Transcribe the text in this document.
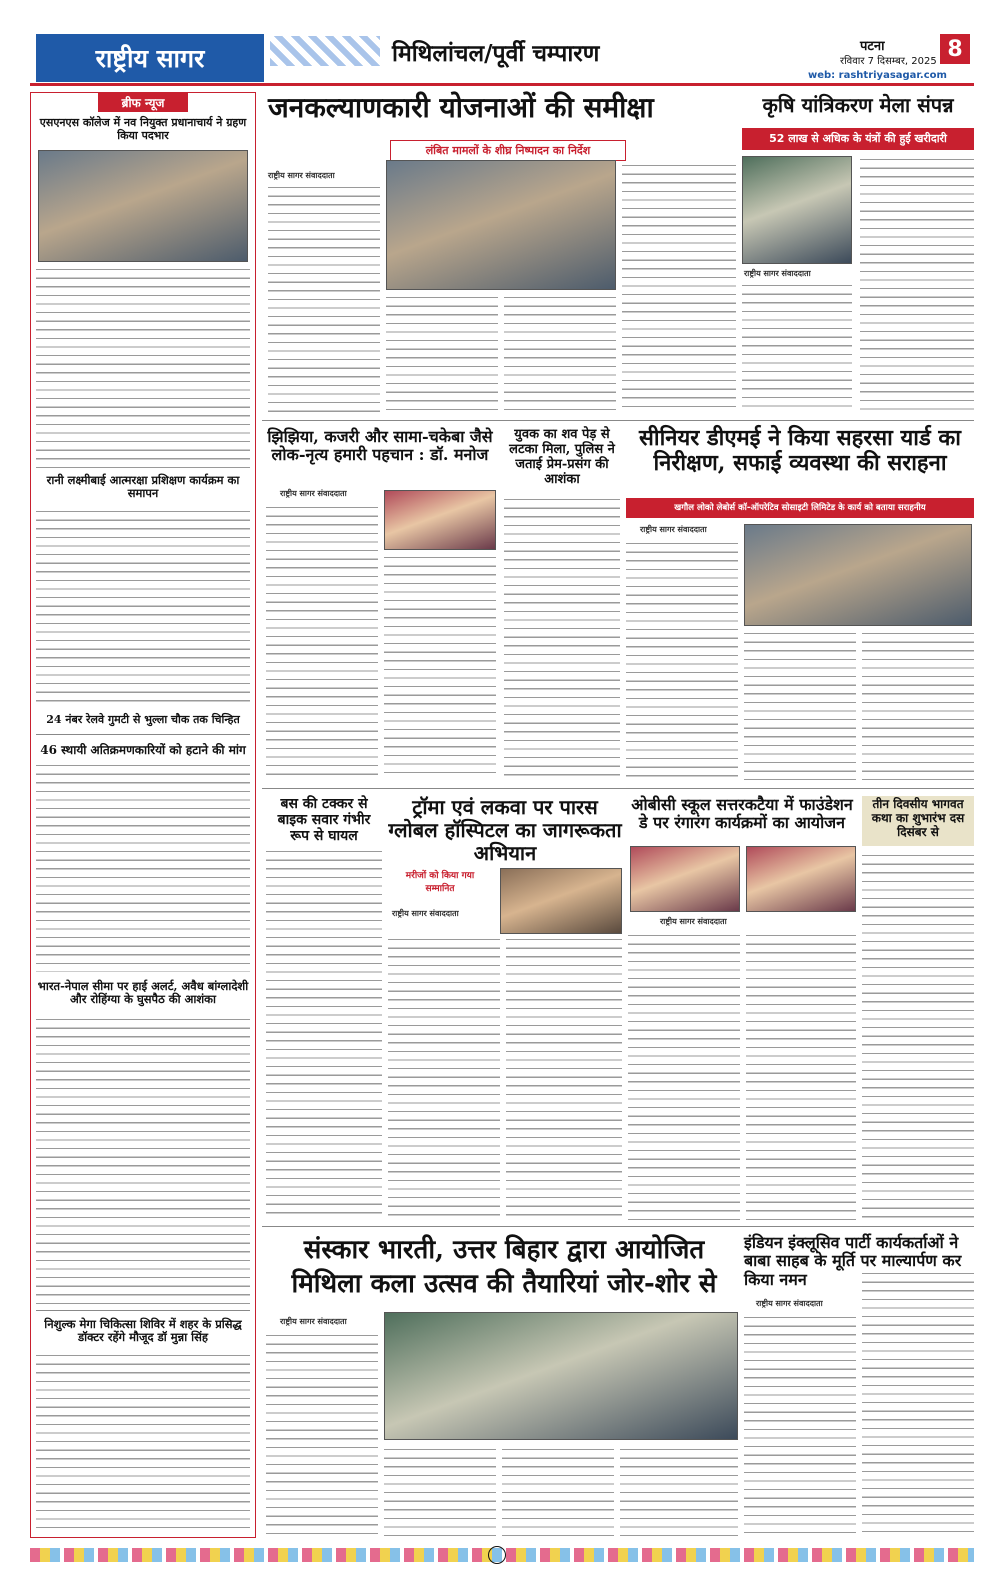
राष्ट्रीय सागर	मिथिलांचल/पूर्वी चम्पारण	पटना
रविवार 7 दिसम्बर, 2025
web: rashtriyasagar.com
8
ब्रीफ न्यूज
एसएनएस कॉलेज में नव नियुक्त प्रधानाचार्य ने ग्रहण किया पदभार
रानी लक्ष्मीबाई आत्मरक्षा प्रशिक्षण कार्यक्रम का समापन
24 नंबर रेलवे गुमटी से भुल्ला चौक तक चिन्हित
46 स्थायी अतिक्रमणकारियों को हटाने की मांग
भारत-नेपाल सीमा पर हाई अलर्ट, अवैध बांग्लादेशी और रोहिंग्या के घुसपैठ की आशंका
निशुल्क मेगा चिकित्सा शिविर में शहर के प्रसिद्ध डॉक्टर रहेंगे मौजूद डॉ मुन्ना सिंह
जनकल्याणकारी योजनाओं की समीक्षा
लंबित मामलों के शीघ्र निष्पादन का निर्देश
राष्ट्रीय सागर संवाददाता
कृषि यांत्रिकरण मेला संपन्न
52 लाख से अधिक के यंत्रों की हुई खरीदारी
राष्ट्रीय सागर संवाददाता
झिझिया, कजरी और सामा-चकेबा जैसे लोक-नृत्य हमारी पहचान : डॉ. मनोज
राष्ट्रीय सागर संवाददाता
युवक का शव पेड़ से लटका मिला, पुलिस ने जताई प्रेम-प्रसंग की आशंका
सीनियर डीएमई ने किया सहरसा यार्ड का निरीक्षण, सफाई व्यवस्था की सराहना
खगौल लोको लेबोर्स कॉ-ऑपरेटिव सोसाइटी लिमिटेड के कार्य को बताया सराहनीय
राष्ट्रीय सागर संवाददाता
बस की टक्कर से बाइक सवार गंभीर रूप से घायल
ट्रॉमा एवं लकवा पर पारस ग्लोबल हॉस्पिटल का जागरूकता अभियान
मरीजों को किया गया सम्मानित
राष्ट्रीय सागर संवाददाता
ओबीसी स्कूल सत्तरकटैया में फाउंडेशन डे पर रंगारंग कार्यक्रमों का आयोजन
राष्ट्रीय सागर संवाददाता
तीन दिवसीय भागवत कथा का शुभारंभ दस दिसंबर से
संस्कार भारती, उत्तर बिहार द्वारा आयोजित मिथिला कला उत्सव की तैयारियां जोर-शोर से
राष्ट्रीय सागर संवाददाता
इंडियन इंक्लूसिव पार्टी कार्यकर्ताओं ने बाबा साहब के मूर्ति पर माल्यार्पण कर किया नमन
राष्ट्रीय सागर संवाददाता
